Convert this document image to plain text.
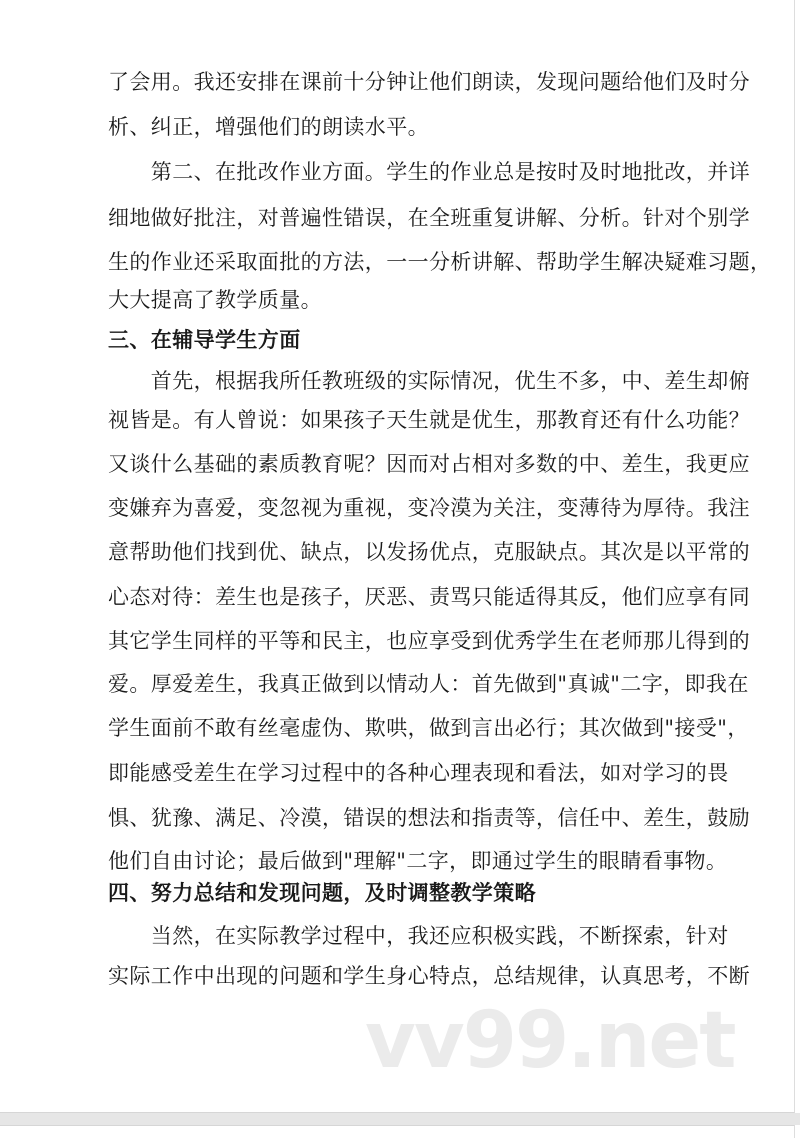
了会用。我还安排在课前十分钟让他们朗读，发现问题给他们及时分
析、纠正，增强他们的朗读水平。
　　第二、在批改作业方面。学生的作业总是按时及时地批改，并详
细地做好批注，对普遍性错误，在全班重复讲解、分析。针对个别学
生的作业还采取面批的方法，一一分析讲解、帮助学生解决疑难习题，
大大提高了教学质量。
三、在辅导学生方面
　　首先，根据我所任教班级的实际情况，优生不多，中、差生却俯
视皆是。有人曾说：如果孩子天生就是优生，那教育还有什么功能？
又谈什么基础的素质教育呢？因而对占相对多数的中、差生，我更应
变嫌弃为喜爱，变忽视为重视，变冷漠为关注，变薄待为厚待。我注
意帮助他们找到优、缺点，以发扬优点，克服缺点。其次是以平常的
心态对待：差生也是孩子，厌恶、责骂只能适得其反，他们应享有同
其它学生同样的平等和民主，也应享受到优秀学生在老师那儿得到的
爱。厚爱差生，我真正做到以情动人：首先做到"真诚"二字，即我在
学生面前不敢有丝毫虚伪、欺哄，做到言出必行；其次做到"接受"，
即能感受差生在学习过程中的各种心理表现和看法，如对学习的畏
惧、犹豫、满足、冷漠，错误的想法和指责等，信任中、差生，鼓励
他们自由讨论；最后做到"理解"二字，即通过学生的眼睛看事物。
四、努力总结和发现问题，及时调整教学策略
　　当然，在实际教学过程中，我还应积极实践，不断探索，针对
实际工作中出现的问题和学生身心特点，总结规律，认真思考，不断
vv99.net
